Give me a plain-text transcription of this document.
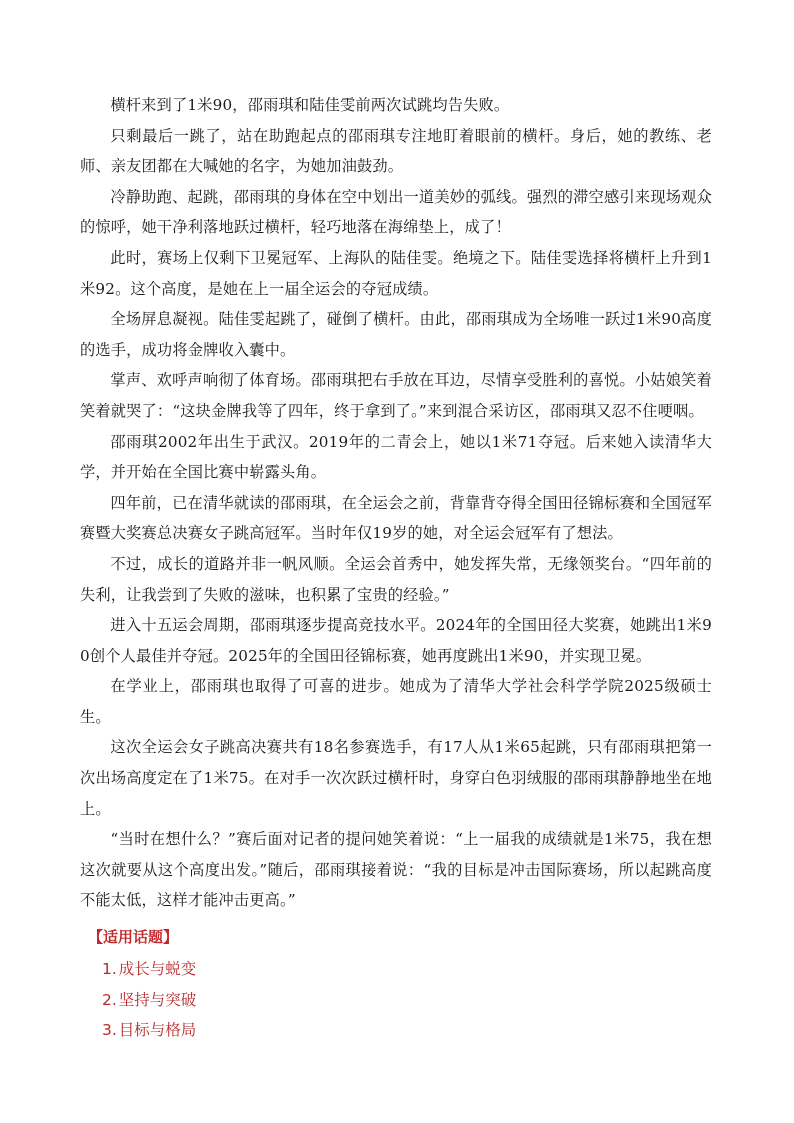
横杆来到了1米90，邵雨琪和陆佳雯前两次试跳均告失败。

只剩最后一跳了，站在助跑起点的邵雨琪专注地盯着眼前的横杆。身后，她的教练、老师、亲友团都在大喊她的名字，为她加油鼓劲。

冷静助跑、起跳，邵雨琪的身体在空中划出一道美妙的弧线。强烈的滞空感引来现场观众的惊呼，她干净利落地跃过横杆，轻巧地落在海绵垫上，成了！

此时，赛场上仅剩下卫冕冠军、上海队的陆佳雯。绝境之下。陆佳雯选择将横杆上升到1米92。这个高度，是她在上一届全运会的夺冠成绩。

全场屏息凝视。陆佳雯起跳了，碰倒了横杆。由此，邵雨琪成为全场唯一跃过1米90高度的选手，成功将金牌收入囊中。

掌声、欢呼声响彻了体育场。邵雨琪把右手放在耳边，尽情享受胜利的喜悦。小姑娘笑着笑着就哭了：“这块金牌我等了四年，终于拿到了。”来到混合采访区，邵雨琪又忍不住哽咽。

邵雨琪2002年出生于武汉。2019年的二青会上，她以1米71夺冠。后来她入读清华大学，并开始在全国比赛中崭露头角。

四年前，已在清华就读的邵雨琪，在全运会之前，背靠背夺得全国田径锦标赛和全国冠军赛暨大奖赛总决赛女子跳高冠军。当时年仅19岁的她，对全运会冠军有了想法。

不过，成长的道路并非一帆风顺。全运会首秀中，她发挥失常，无缘领奖台。“四年前的失利，让我尝到了失败的滋味，也积累了宝贵的经验。”

进入十五运会周期，邵雨琪逐步提高竞技水平。2024年的全国田径大奖赛，她跳出1米90创个人最佳并夺冠。2025年的全国田径锦标赛，她再度跳出1米90，并实现卫冕。

在学业上，邵雨琪也取得了可喜的进步。她成为了清华大学社会科学学院2025级硕士生。

这次全运会女子跳高决赛共有18名参赛选手，有17人从1米65起跳，只有邵雨琪把第一次出场高度定在了1米75。在对手一次次跃过横杆时，身穿白色羽绒服的邵雨琪静静地坐在地上。

“当时在想什么？”赛后面对记者的提问她笑着说：“上一届我的成绩就是1米75，我在想这次就要从这个高度出发。”随后，邵雨琪接着说：“我的目标是冲击国际赛场，所以起跳高度不能太低，这样才能冲击更高。”

【适用话题】
1. 成长与蜕变
2. 坚持与突破
3. 目标与格局
